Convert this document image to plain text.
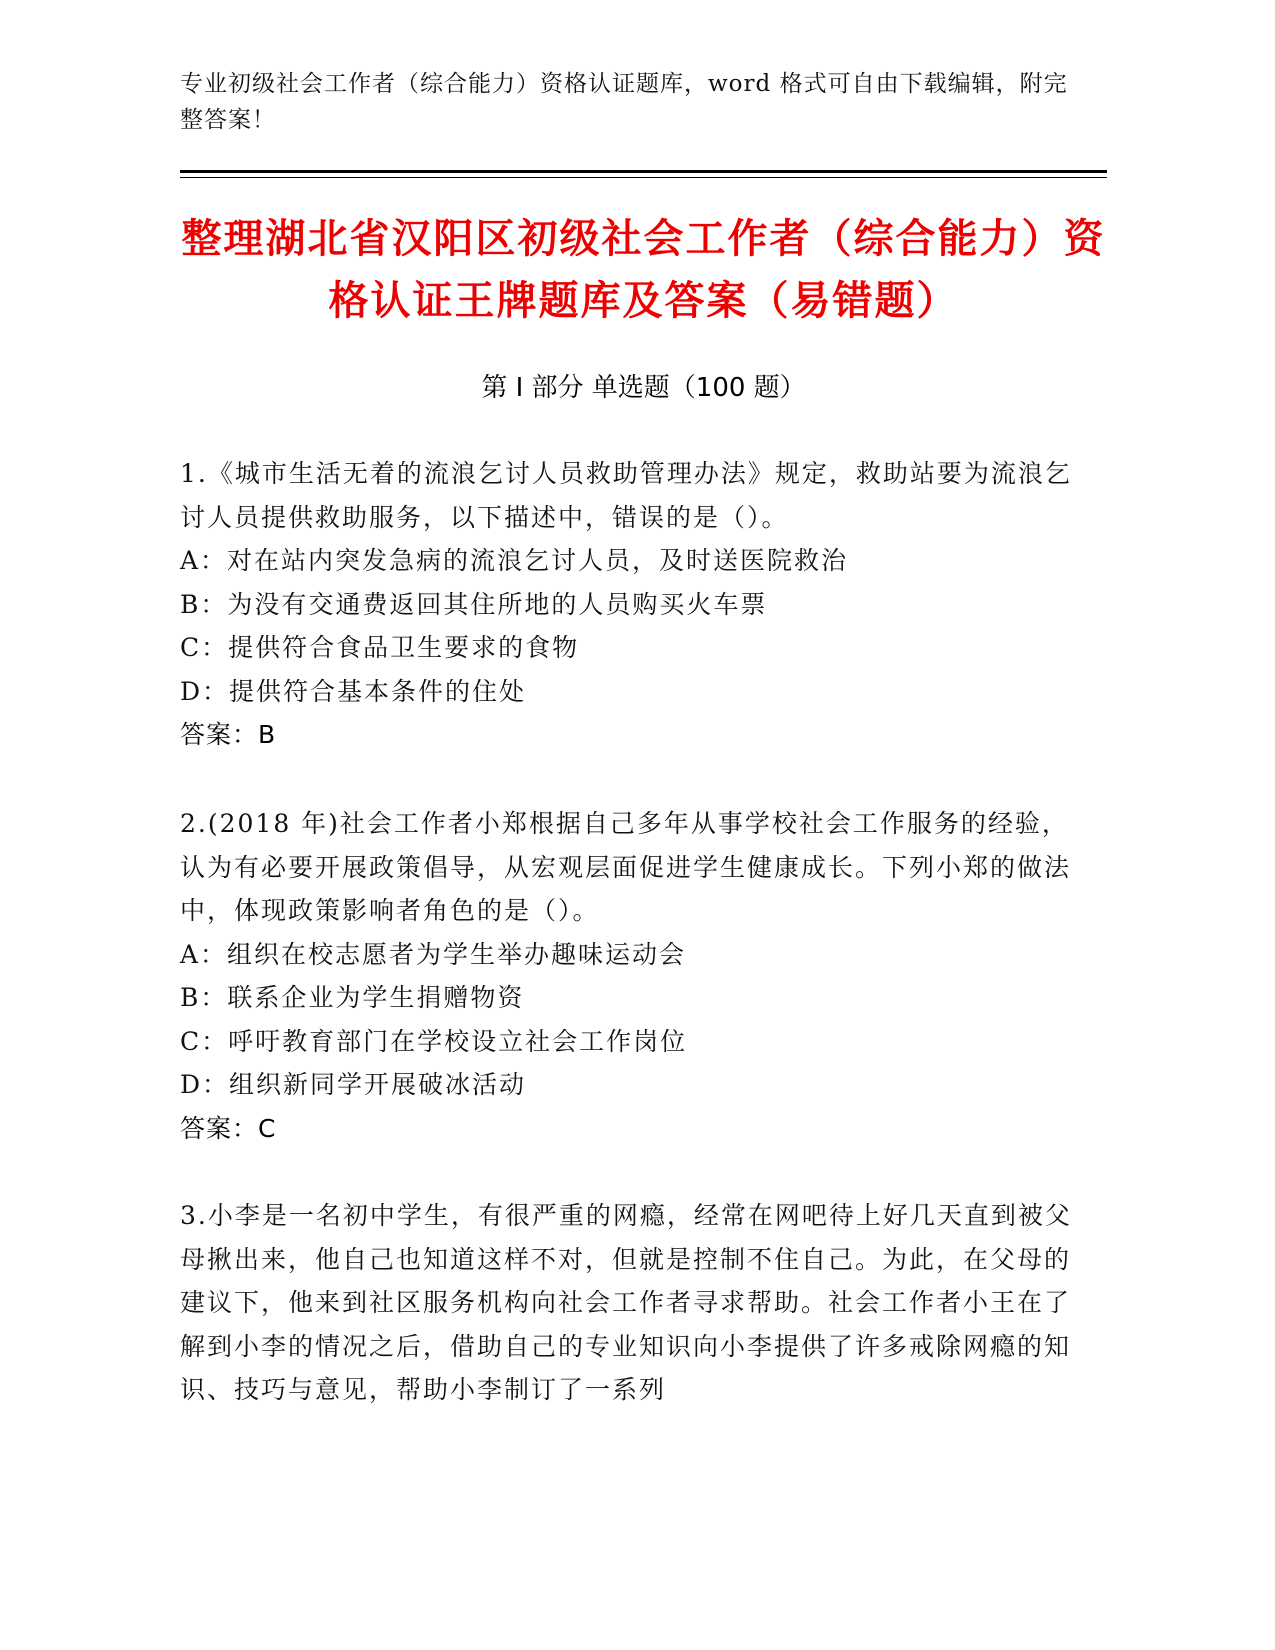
专业初级社会工作者（综合能力）资格认证题库，word 格式可自由下载编辑，附完整答案！
整理湖北省汉阳区初级社会工作者（综合能力）资格认证王牌题库及答案（易错题）
第 I 部分 单选题（100 题）

1.《城市生活无着的流浪乞讨人员救助管理办法》规定，救助站要为流浪乞讨人员提供救助服务，以下描述中，错误的是（）。

A：对在站内突发急病的流浪乞讨人员，及时送医院救治

B：为没有交通费返回其住所地的人员购买火车票

C：提供符合食品卫生要求的食物

D：提供符合基本条件的住处

答案：B

2.(2018 年)社会工作者小郑根据自己多年从事学校社会工作服务的经验，认为有必要开展政策倡导，从宏观层面促进学生健康成长。下列小郑的做法中，体现政策影响者角色的是（）。

A：组织在校志愿者为学生举办趣味运动会

B：联系企业为学生捐赠物资

C：呼吁教育部门在学校设立社会工作岗位

D：组织新同学开展破冰活动

答案：C

3.小李是一名初中学生，有很严重的网瘾，经常在网吧待上好几天直到被父母揪出来，他自己也知道这样不对，但就是控制不住自己。为此，在父母的建议下，他来到社区服务机构向社会工作者寻求帮助。社会工作者小王在了解到小李的情况之后，借助自己的专业知识向小李提供了许多戒除网瘾的知识、技巧与意见，帮助小李制订了一系列
